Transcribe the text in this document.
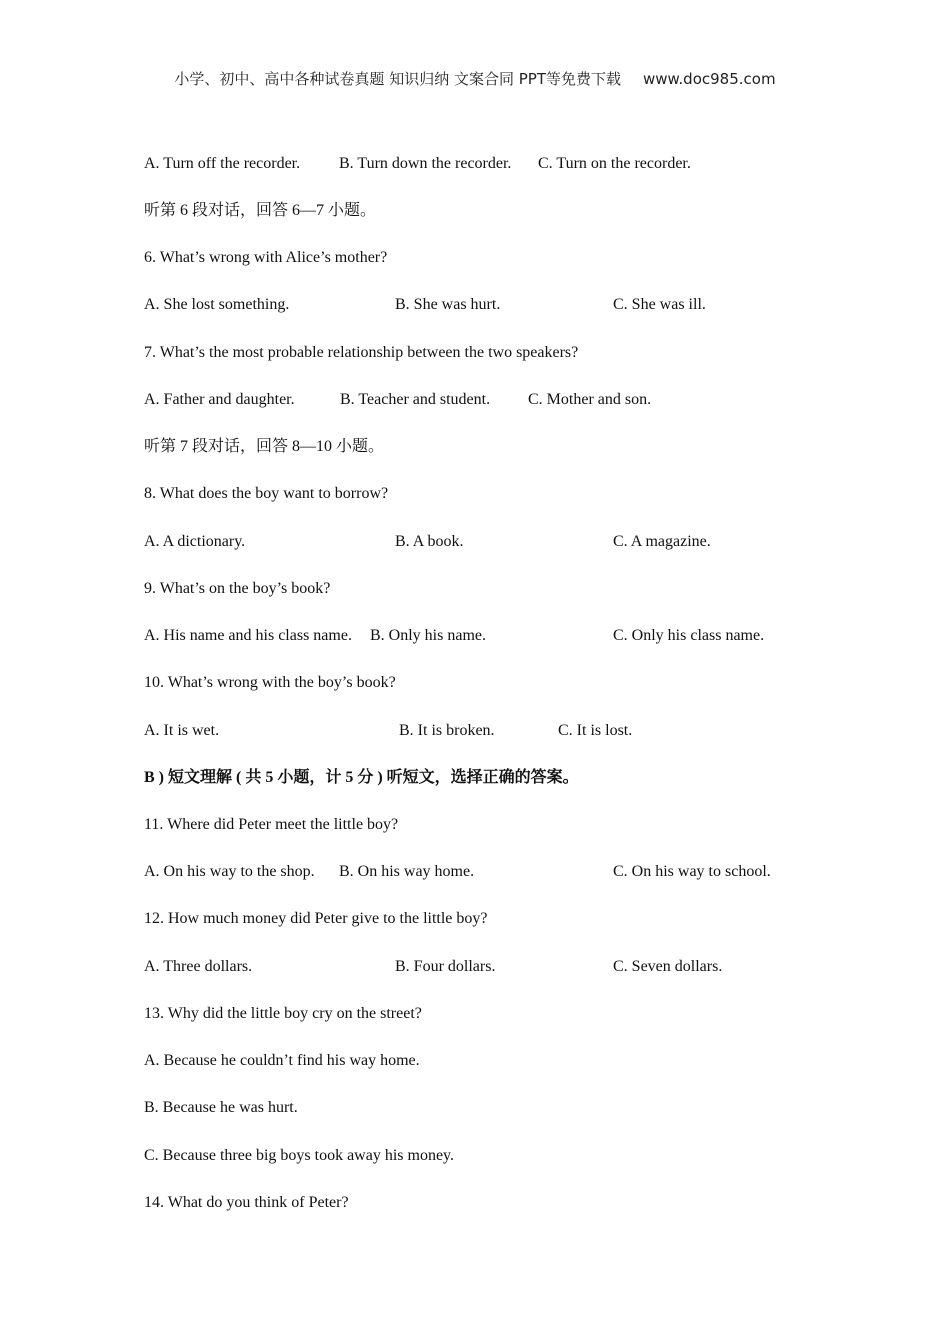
小学、初中、高中各种试卷真题 知识归纳 文案合同 PPT等免费下载 www.doc985.com
A. Turn off the recorder. B. Turn down the recorder. C. Turn on the recorder.
听第 6 段对话，回答 6—7 小题。
6. What’s wrong with Alice’s mother?
A. She lost something.	B. She was hurt.	C. She was ill.
7. What’s the most probable relationship between the two speakers?
A. Father and daughter.	B. Teacher and student. C. Mother and son.
听第 7 段对话，回答 8—10 小题。
8. What does the boy want to borrow?
A. A dictionary.	B. A book.	C. A magazine.
9. What’s on the boy’s book?
A. His name and his class name. B. Only his name.	C. Only his class name.
10. What’s wrong with the boy’s book?
A. It is wet.	B. It is broken.	C. It is lost.
B ) 短文理解 ( 共 5 小题，计 5 分 ) 听短文，选择正确的答案。
11. Where did Peter meet the little boy?
A. On his way to the shop. B. On his way home.	C. On his way to school.
12. How much money did Peter give to the little boy?
A. Three dollars.	B. Four dollars.	C. Seven dollars.
13. Why did the little boy cry on the street?
A. Because he couldn’t find his way home.
B. Because he was hurt.
C. Because three big boys took away his money.
14. What do you think of Peter?
